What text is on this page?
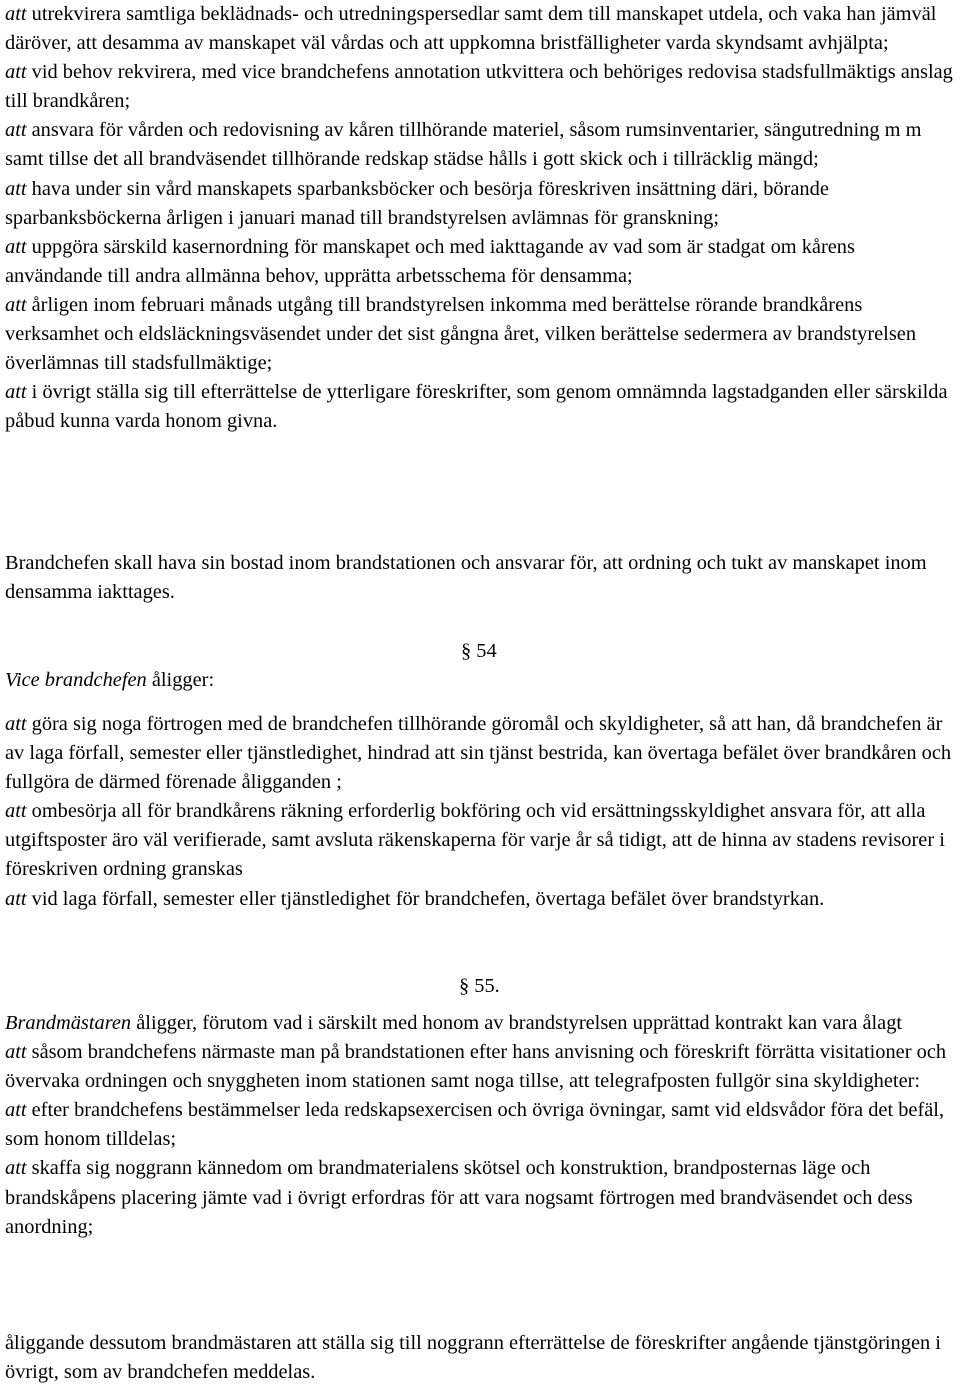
att utrekvirera samtliga beklädnads- och utredningspersedlar samt dem till manskapet utdela, och vaka han jämväl däröver, att desamma av manskapet väl vårdas och att uppkomna bristfälligheter varda skyndsamt avhjälpta;

att vid behov rekvirera, med vice brandchefens annotation utkvittera och behöriges redovisa stadsfullmäktigs anslag till brandkåren;

att ansvara för vården och redovisning av kåren tillhörande materiel, såsom rumsinventarier, sängutredning m m samt tillse det all brandväsendet tillhörande redskap städse hålls i gott skick och i tillräcklig mängd;

att hava under sin vård manskapets sparbanksböcker och besörja föreskriven insättning däri, börande sparbanksböckerna årligen i januari manad till brandstyrelsen avlämnas för granskning;

att uppgöra särskild kasernordning för manskapet och med iakttagande av vad som är stadgat om kårens användande till andra allmänna behov, upprätta arbetsschema för densamma;

att årligen inom februari månads utgång till brandstyrelsen inkomma med berättelse rörande brandkårens verksamhet och eldsläckningsväsendet under det sist gångna året, vilken berättelse sedermera av brandstyrelsen överlämnas till stadsfullmäktige;

att i övrigt ställa sig till efterrättelse de ytterligare föreskrifter, som genom omnämnda lagstadganden eller särskilda påbud kunna varda honom givna.

Brandchefen skall hava sin bostad inom brandstationen och ansvarar för, att ordning och tukt av manskapet inom densamma iakttages.

§ 54
Vice brandchefen åligger:

att göra sig noga förtrogen med de brandchefen tillhörande göromål och skyldigheter, så att han, då brandchefen är av laga förfall, semester eller tjänstledighet, hindrad att sin tjänst bestrida, kan övertaga befälet över brandkåren och fullgöra de därmed förenade åligganden ;

att ombesörja all för brandkårens räkning erforderlig bokföring och vid ersättningsskyldighet ansvara för, att alla utgiftsposter äro väl verifierade, samt avsluta räkenskaperna för varje år så tidigt, att de hinna av stadens revisorer i föreskriven ordning granskas

att vid laga förfall, semester eller tjänstledighet för brandchefen, övertaga befälet över brandstyrkan.

§ 55.

Brandmästaren åligger, förutom vad i särskilt med honom av brandstyrelsen upprättad kontrakt kan vara ålagt

att såsom brandchefens närmaste man på brandstationen efter hans anvisning och föreskrift förrätta visitationer och övervaka ordningen och snyggheten inom stationen samt noga tillse, att telegrafposten fullgör sina skyldigheter:

att efter brandchefens bestämmelser leda redskapsexercisen och övriga övningar, samt vid eldsvådor föra det befäl, som honom tilldelas;

att skaffa sig noggrann kännedom om brandmaterialens skötsel och konstruktion, brandposternas läge och brandskåpens placering jämte vad i övrigt erfordras för att vara nogsamt förtrogen med brandväsendet och dess anordning;

åliggande dessutom brandmästaren att ställa sig till noggrann efterrättelse de föreskrifter angående tjänstgöringen i övrigt, som av brandchefen meddelas.
